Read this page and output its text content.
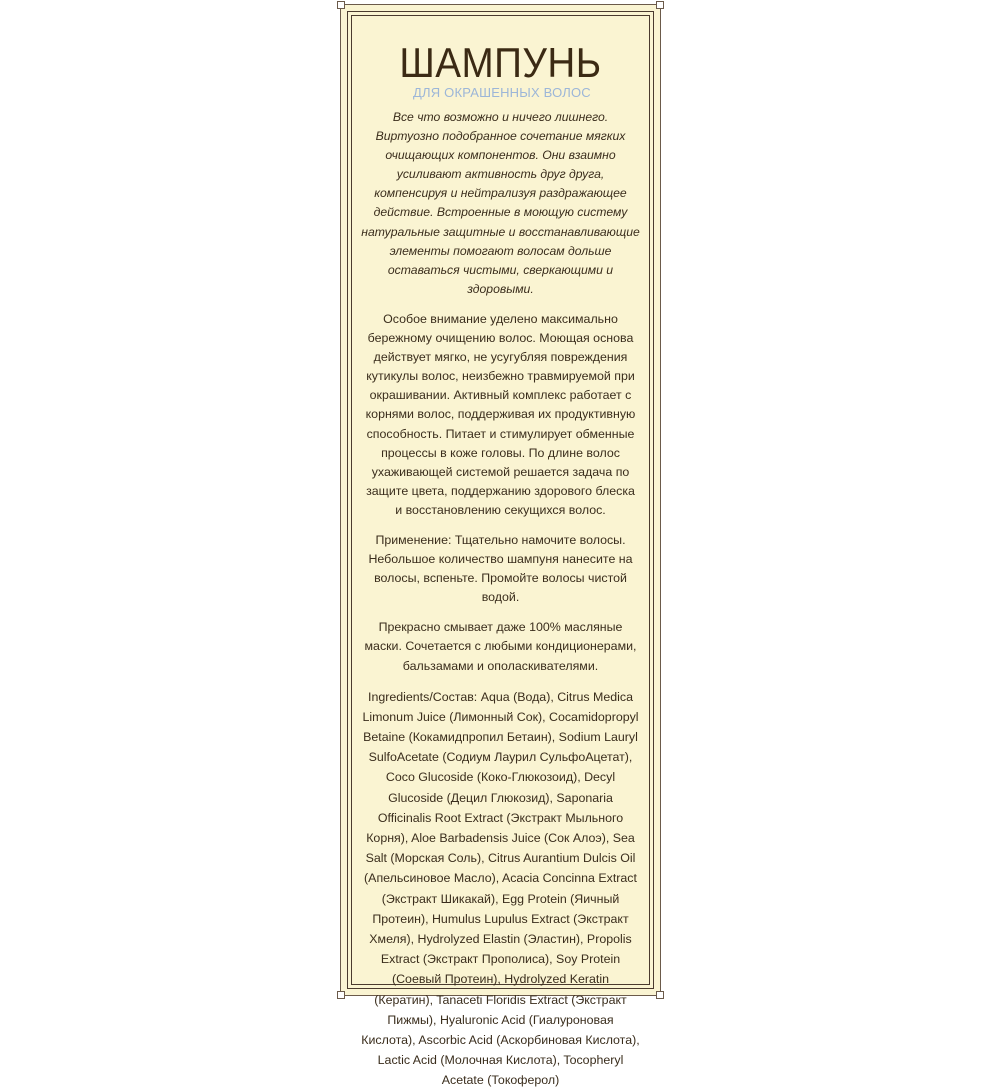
ШАМПУНЬ
ДЛЯ ОКРАШЕННЫХ ВОЛОС

Все что возможно и ничего лишнего. Виртуозно подобранное сочетание мягких очищающих компонентов. Они взаимно усиливают активность друг друга, компенсируя и нейтрализуя раздражающее действие. Встроенные в моющую систему натуральные защитные и восстанавливающие элементы помогают волосам дольше оставаться чистыми, сверкающими и здоровыми.

Особое внимание уделено максимально бережному очищению волос. Моющая основа действует мягко, не усугубляя повреждения кутикулы волос, неизбежно травмируемой при окрашивании. Активный комплекс работает с корнями волос, поддерживая их продуктивную способность. Питает и стимулирует обменные процессы в коже головы. По длине волос ухаживающей системой решается задача по защите цвета, поддержанию здорового блеска и восстановлению секущихся волос.

Применение: Тщательно намочите волосы. Небольшое количество шампуня нанесите на волосы, вспеньте. Промойте волосы чистой водой.

Прекрасно смывает даже 100% масляные маски. Сочетается с любыми кондиционерами, бальзамами и ополаскивателями.

Ingredients/Состав: Aqua (Вода), Citrus Medica Limonum Juice (Лимонный Сок), Cocamidopropyl Betaine (Кокамидпропил Бетаин), Sodium Lauryl SulfoAcetate (Содиум Лаурил СульфоАцетат), Coco Glucoside (Коко-Глюкозоид), Decyl Glucoside (Децил Глюкозид), Saponaria Officinalis Root Extract (Экстракт Мыльного Корня), Aloe Barbadensis Juice (Сок Алоэ), Sea Salt (Морская Соль), Citrus Aurantium Dulcis Oil (Апельсиновое Масло), Acacia Concinna Extract (Экстракт Шикакай), Egg Protein (Яичный Протеин), Humulus Lupulus Extract (Экстракт Хмеля), Hydrolyzed Elastin (Эластин), Propolis Extract (Экстракт Прополиса), Soy Protein (Соевый Протеин), Hydrolyzed Keratin (Кератин), Tanaceti Floridis Extract (Экстракт Пижмы), Hyaluronic Acid (Гиалуроновая Кислота), Ascorbic Acid (Аскорбиновая Кислота), Lactic Acid (Молочная Кислота), Tocopheryl Acetate (Токоферол)
